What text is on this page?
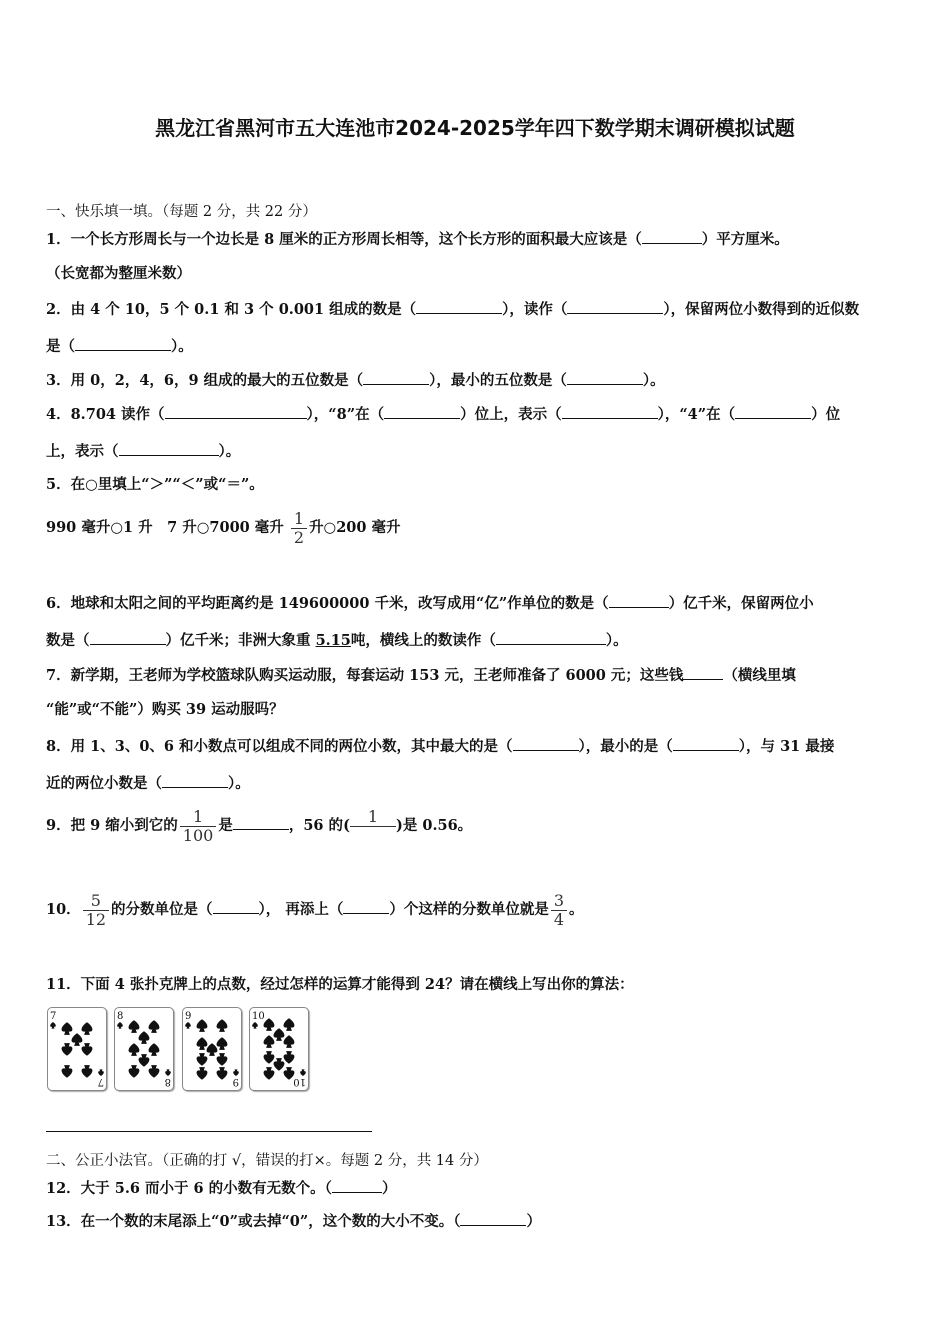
黑龙江省黑河市五大连池市2024-2025学年四下数学期末调研模拟试题
一、快乐填一填。（每题 2 分，共 22 分）
1．一个长方形周长与一个边长是 8 厘米的正方形周长相等，这个长方形的面积最大应该是（	）平方厘米。
（长宽都为整厘米数）
2．由 4 个 10，5 个 0.1 和 3 个 0.001 组成的数是（	），读作（	），保留两位小数得到的近似数
是（	）。
3．用 0，2，4，6，9 组成的最大的五位数是（	），最小的五位数是（	）。
4．8.704 读作（	），“8”在（	）位上，表示（	），“4”在（	）位
上，表示（	）。
5．在○里填上“＞”“＜”或“＝”。
990 毫升○1 升　7 升○7000 毫升 $\frac{1}{2}$ 升○200 毫升
6．地球和太阳之间的平均距离约是 149600000 千米，改写成用“亿”作单位的数是（	）亿千米，保留两位小
数是（	）亿千米；非洲大象重 5.15吨，横线上的数读作（	）。
7．新学期，王老师为学校篮球队购买运动服，每套运动 153 元，王老师准备了 6000 元；这些钱	（横线里填
“能”或“不能”）购买 39 运动服吗？
8．用 1、3、0、6 和小数点可以组成不同的两位小数，其中最大的是（	），最小的是（	），与 31 最接
近的两位小数是（	）。
9．把 9 缩小到它的 $\frac{1}{100}$ 是	，56 的(	1	)是 0.56。
10． $\frac{5}{12}$ 的分数单位是（	）， 再添上（	）个这样的分数单位就是 $\frac{3}{4}$ 。
11．下面 4 张扑克牌上的点数，经过怎样的运算才能得到 24？请在横线上写出你的算法：
7
7
8
8
9
9
10
10
二、公正小法官。（正确的打 √，错误的打×。每题 2 分，共 14 分）
12．大于 5.6 而小于 6 的小数有无数个。（	）
13．在一个数的末尾添上“0”或去掉“0”，这个数的大小不变。（	）
